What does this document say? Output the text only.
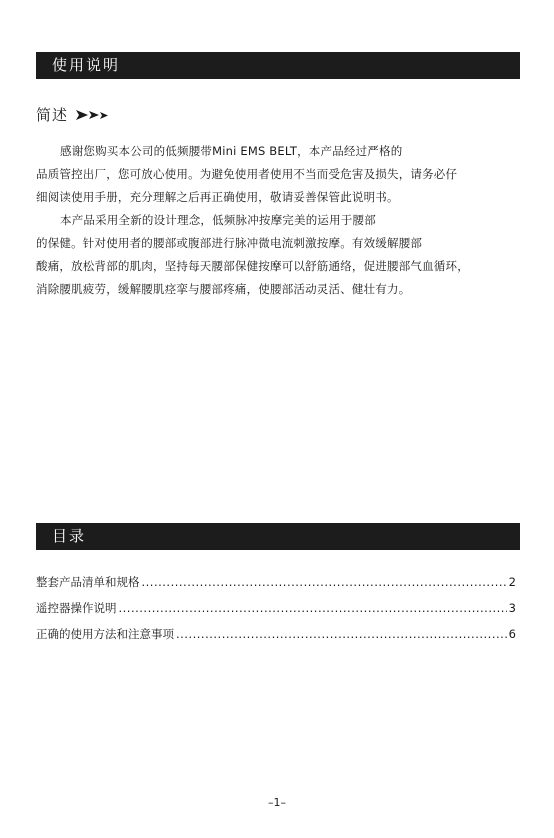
使用说明
简述

感谢您购买本公司的低频腰带Mini EMS BELT，本产品经过严格的

品质管控出厂，您可放心使用。为避免使用者使用不当而受危害及损失，请务必仔

细阅读使用手册，充分理解之后再正确使用，敬请妥善保管此说明书。

本产品采用全新的设计理念，低频脉冲按摩完美的运用于腰部

的保健。针对使用者的腰部或腹部进行脉冲微电流刺激按摩。有效缓解腰部

酸痛，放松背部的肌肉，坚持每天腰部保健按摩可以舒筋通络，促进腰部气血循环，

消除腰肌疲劳，缓解腰肌痉挛与腰部疼痛，使腰部活动灵活、健壮有力。

目录
整套产品清单和规格 .....	2
遥控器操作说明 .....	3
正确的使用方法和注意事项 .....	6
–1–
